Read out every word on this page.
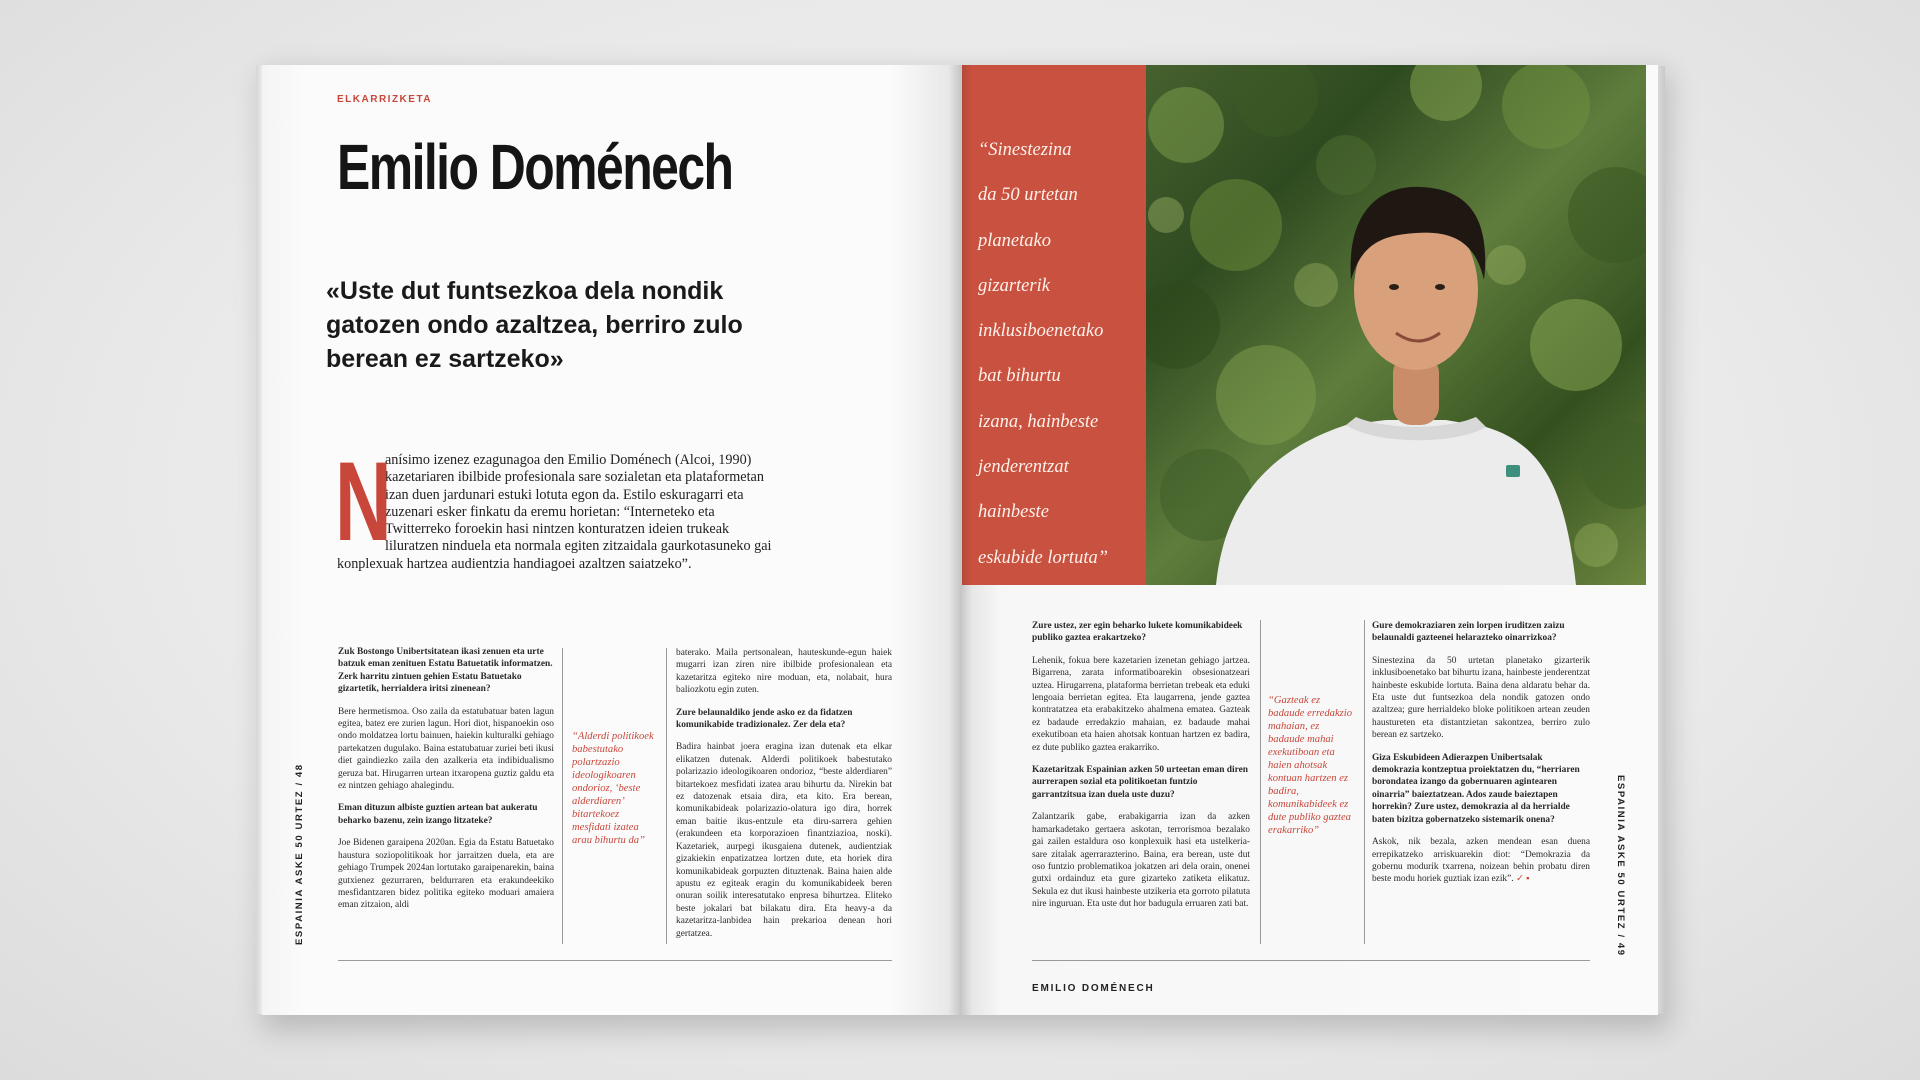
ELKARRIZKETA
Emilio Doménech
«Uste dut funtsezkoa dela nondik gatozen ondo azaltzea, berriro zulo berean ez sartzeko»
N
anísimo izenez ezagunagoa den Emilio Doménech (Alcoi, 1990) kazetariaren ibilbide profesionala sare sozialetan eta plataformetan izan duen jardunari estuki lotuta egon da. Estilo eskuragarri eta zuzenari esker finkatu da eremu horietan: “Interneteko eta Twitterreko foroekin hasi nintzen konturatzen ideien trukeak liluratzen ninduela eta normala egiten zitzaidala gaurkotasuneko gai konplexuak hartzea audientzia handiagoei azaltzen saiatzeko”.
ESPAINIA ASKE 50 URTEZ / 48

Zuk Bostongo Unibertsitatean ikasi zenuen eta urte batzuk eman zenituen Estatu Batuetatik informatzen. Zerk harritu zintuen gehien Estatu Batuetako gizartetik, herrialdera iritsi zinenean?

Bere hermetismoa. Oso zaila da estatubatuar baten lagun egitea, batez ere zurien lagun. Hori diot, hispanoekin oso ondo moldatzea lortu bainuen, haiekin kulturalki gehiago partekatzen dugulako. Baina estatubatuar zuriei beti ikusi diet gaindiezko zaila den azalkeria eta indibidualismo geruza bat. Hirugarren urtean itxaropena guztiz galdu eta ez nintzen gehiago ahalegindu.

Eman dituzun albiste guztien artean bat aukeratu beharko bazenu, zein izango litzateke?

Joe Bidenen garaipena 2020an. Egia da Estatu Batuetako haustura soziopolitikoak hor jarraitzen duela, eta are gehiago Trumpek 2024an lortutako garaipenarekin, baina gutxienez gezurraren, beldurraren eta erakundeekiko mesfidantzaren bidez politika egiteko moduari amaiera eman zitzaion, aldi

“Alderdi politikoek babestutako polartzazio ideologikoaren ondorioz, ‘beste alderdiaren’ bitartekoez mesfidati izatea arau bihurtu da”

baterako. Maila pertsonalean, hauteskunde-egun haiek mugarri izan ziren nire ibilbide profesionalean eta kazetaritza egiteko nire moduan, eta, nolabait, hura baliozkotu egin zuten.

Zure belaunaldiko jende asko ez da fidatzen komunikabide tradizionalez. Zer dela eta?

Badira hainbat joera eragina izan dutenak eta elkar elikatzen dutenak. Alderdi politikoek babestutako polarizazio ideologikoaren ondorioz, “beste alderdiaren” bitartekoez mesfidati izatea arau bihurtu da. Nirekin bat ez datozenak etsaia dira, eta kito. Era berean, komunikabideak polarizazio-olatura igo dira, horrek eman baitie ikus-entzule eta diru-sarrera gehien (erakundeen eta korporazioen finantziazioa, noski). Kazetariek, aurpegi ikusgaiena dutenek, audientziak gizakiekin enpatizatzea lortzen dute, eta horiek dira komunikabideak gorpuzten dituztenak. Baina haien alde apustu ez egiteak eragin du komunikabideek beren onuran soilik interesatutako enpresa bihurtzea. Eliteko beste jokalari bat bilakatu dira. Eta heavy-a da kazetaritza-lanbidea hain prekarioa denean hori gertatzea.

“Sinestezina
da 50 urtetan
planetako
gizarterik
inklusiboenetako
bat bihurtu
izana, hainbeste
jenderentzat
hainbeste
eskubide lortuta”

Zure ustez, zer egin beharko lukete komunikabideek publiko gaztea erakartzeko?

Lehenik, fokua bere kazetarien izenetan gehiago jartzea. Bigarrena, zarata informatiboarekin obsesionatzeari uztea. Hirugarrena, plataforma berrietan trebeak eta eduki lengoaia berrietan egitea. Eta laugarrena, jende gaztea kontratatzea eta erabakitzeko ahalmena ematea. Gazteak ez badaude erredakzio mahaian, ez badaude mahai exekutiboan eta haien ahotsak kontuan hartzen ez badira, ez dute publiko gaztea erakarriko.

Kazetaritzak Espainian azken 50 urteetan eman diren aurrerapen sozial eta politikoetan funtzio garrantzitsua izan duela uste duzu?

Zalantzarik gabe, erabakigarria izan da azken hamarkadetako gertaera askotan, terrorismoa bezalako gai zailen estaldura oso konplexuik hasi eta ustelkeria-sare zitalak agerrarazterino. Baina, era berean, uste dut oso funtzio problematikoa jokatzen ari dela orain, onenei gutxi ordainduz eta gure gizarteko zatiketa elikatuz. Sekula ez dut ikusi hainbeste utzikeria eta gorroto pilatuta nire inguruan. Eta uste dut hor badugula erruaren zati bat.

“Gazteak ez badaude erredakzio mahaian, ez badaude mahai exekutiboan eta haien ahotsak kontuan hartzen ez badira, komunikabideek ez dute publiko gaztea erakarriko”

Gure demokraziaren zein lorpen iruditzen zaizu belaunaldi gazteenei helarazteko oinarrizkoa?

Sinestezina da 50 urtetan planetako gizarterik inklusiboenetako bat bihurtu izana, hainbeste jenderentzat hainbeste eskubide lortuta. Baina dena aldaratu behar da. Eta uste dut funtsezkoa dela nondik gatozen ondo azaltzea; gure herrialdeko bloke politikoen artean zeuden haustureten eta distantzietan sakontzea, berriro zulo berean ez sartzeko.

Giza Eskubideen Adierazpen Unibertsalak demokrazia kontzeptua proiektatzen du, “herriaren borondatea izango da gobernuaren agintearen oinarria” baieztatzean. Ados zaude baieztapen horrekin? Zure ustez, demokrazia al da herrialde baten bizitza gobernatzeko sistemarik onena?

Askok, nik bezala, azken mendean esan duena errepikatzeko arriskuarekin diot: “Demokrazia da gobernu modurik txarrena, noizean behin probatu diren beste modu horiek guztiak izan ezik”. ✓ ▪

EMILIO DOMÉNECH
ESPAINIA ASKE 50 URTEZ / 49
